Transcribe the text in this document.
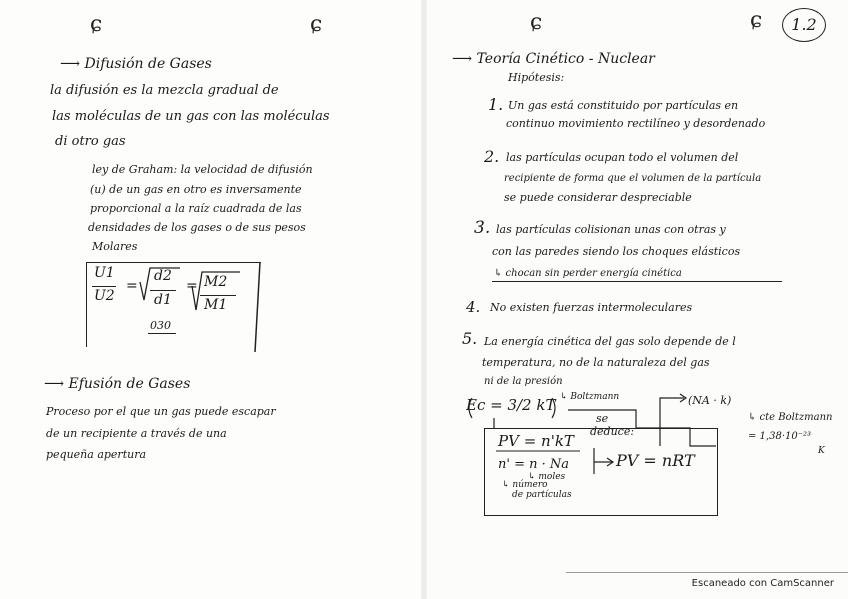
ɕ	ɕ	ɕ	ɕ	1.2
⟶ Difusión de Gases
la difusión es la mezcla gradual de
las moléculas de un gas con las moléculas
di otro gas
ley de Graham: la velocidad de difusión
(u) de un gas en otro es inversamente
proporcional a la raíz cuadrada de las
densidades de los gases o de sus pesos
Molares
U1
U2
=
d2
d1
= M2
M1
030
⟶ Efusión de Gases
Proceso por el que un gas puede escapar
de un recipiente a través de una
pequeña apertura
⟶ Teoría Cinético - Nuclear
Hipótesis:
1. Un gas está constituido por partículas en
continuo movimiento rectilíneo y desordenado
2. las partículas ocupan todo el volumen del
recipiente de forma que el volumen de la partícula
se puede considerar despreciable
3. las partículas colisionan unas con otras y
con las paredes siendo los choques elásticos
↳ chocan sin perder energía cinética
4. No existen fuerzas intermoleculares
5. La energía cinética del gas solo depende de l
temperatura, no de la naturaleza del gas
ni de la presión
Ec = 3/2 kT ↳ Boltzmann
se
deduce:
(NA · k)
↳ cte Boltzmann
= 1,38·10⁻²³
K
PV = n'kT
n' = n · Na
↳ moles
↳ número
de partículas
PV = nRT
Escaneado con CamScanner
